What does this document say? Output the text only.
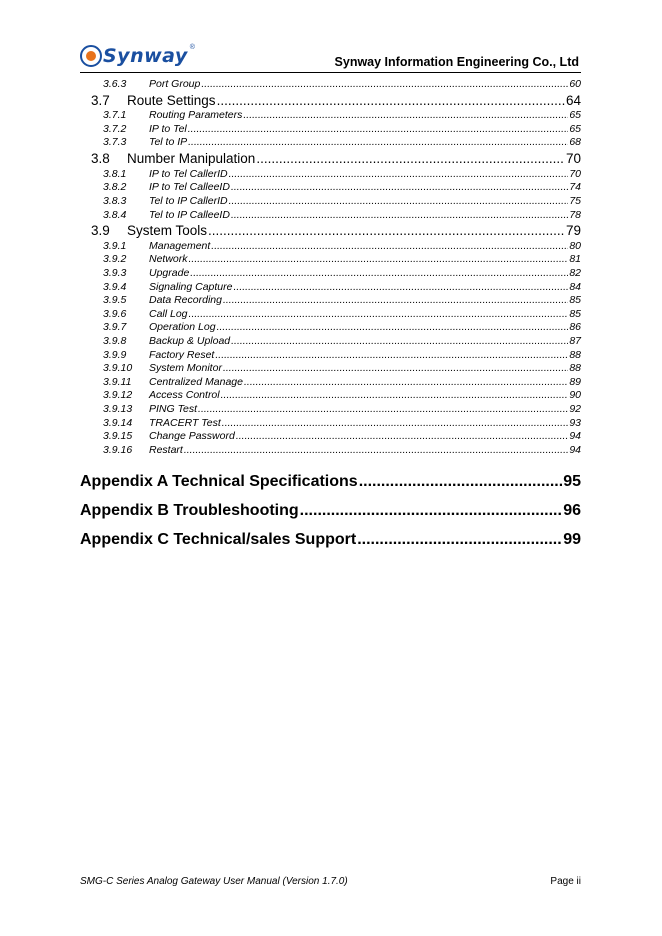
Synway ®
Synway Information Engineering Co., Ltd
3.6.3	Port Group .....	60
3.7	Route Settings .....	64
3.7.1	Routing Parameters .....	65
3.7.2	IP to Tel .....	65
3.7.3	Tel to IP .....	68
3.8	Number Manipulation .....	70
3.8.1	IP to Tel CallerID .....	70
3.8.2	IP to Tel CalleeID .....	74
3.8.3	Tel to IP CallerID .....	75
3.8.4	Tel to IP CalleeID .....	78
3.9	System Tools .....	79
3.9.1	Management .....	80
3.9.2	Network .....	81
3.9.3	Upgrade .....	82
3.9.4	Signaling Capture .....	84
3.9.5	Data Recording .....	85
3.9.6	Call Log .....	85
3.9.7	Operation Log .....	86
3.9.8	Backup & Upload .....	87
3.9.9	Factory Reset .....	88
3.9.10	System Monitor .....	88
3.9.11	Centralized Manage .....	89
3.9.12	Access Control .....	90
3.9.13	PING Test .....	92
3.9.14	TRACERT Test .....	93
3.9.15	Change Password .....	94
3.9.16	Restart .....	94
Appendix A Technical Specifications .....	95
Appendix B Troubleshooting .....	96
Appendix C Technical/sales Support .....	99
SMG-C Series Analog Gateway User Manual (Version 1.7.0)	Page ii
